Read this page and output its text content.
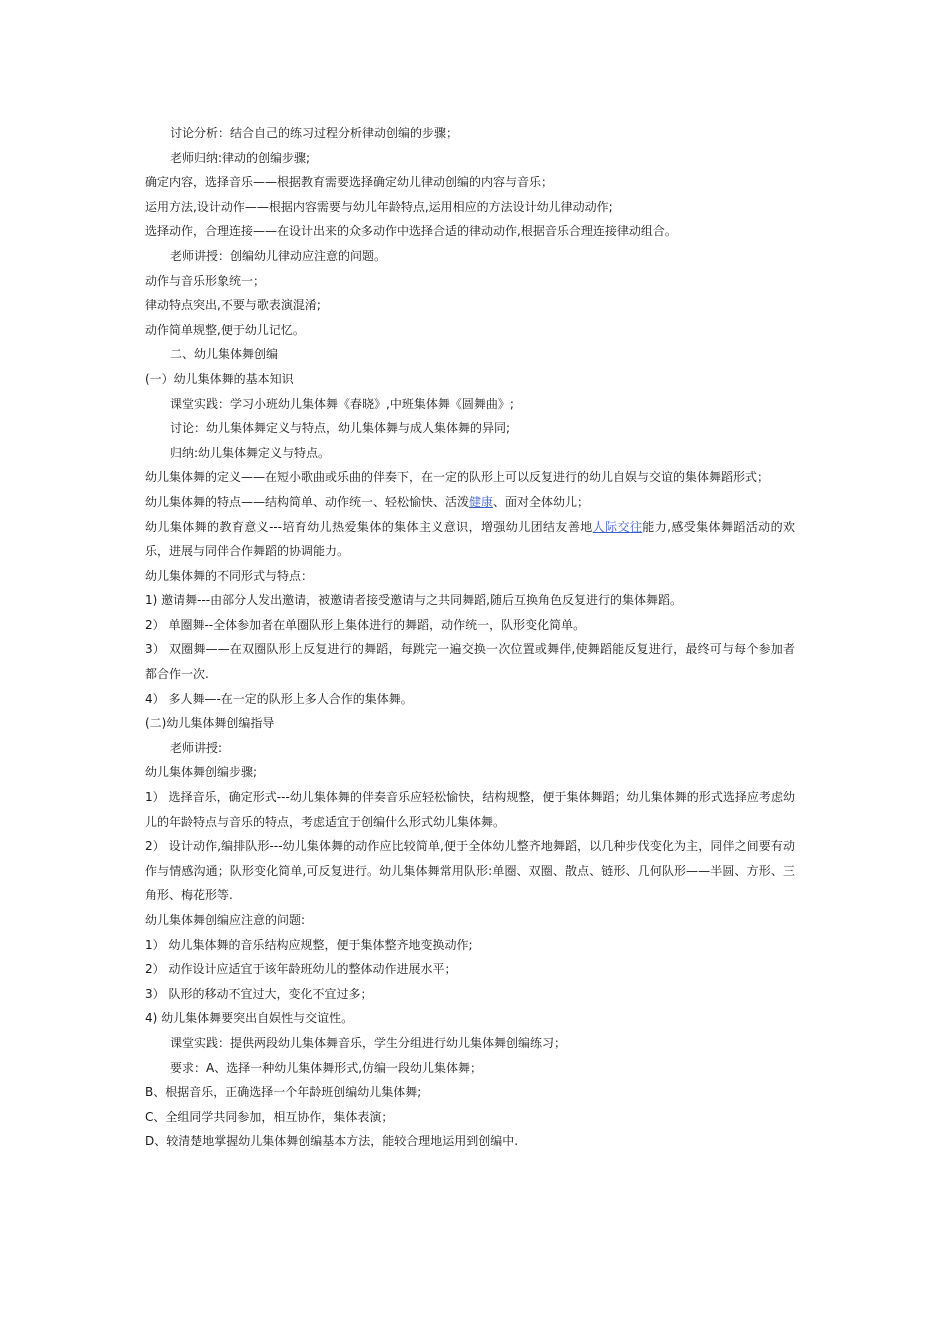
讨论分析：结合自己的练习过程分析律动创编的步骤；

老师归纳:律动的创编步骤;

确定内容，选择音乐——根据教育需要选择确定幼儿律动创编的内容与音乐；

运用方法,设计动作——根据内容需要与幼儿年龄特点,运用相应的方法设计幼儿律动动作;

选择动作，合理连接——在设计出来的众多动作中选择合适的律动动作,根据音乐合理连接律动组合。

老师讲授：创编幼儿律动应注意的问题。

动作与音乐形象统一；

律动特点突出,不要与歌表演混淆;

动作简单规整,便于幼儿记忆。

二、幼儿集体舞创编

(一）幼儿集体舞的基本知识

课堂实践：学习小班幼儿集体舞《春晓》,中班集体舞《圆舞曲》;

讨论：幼儿集体舞定义与特点，幼儿集体舞与成人集体舞的异同;

归纳:幼儿集体舞定义与特点。

幼儿集体舞的定义——在短小歌曲或乐曲的伴奏下，在一定的队形上可以反复进行的幼儿自娱与交谊的集体舞蹈形式；

幼儿集体舞的特点——结构简单、动作统一、轻松愉快、活泼健康、面对全体幼儿；

幼儿集体舞的教育意义---培育幼儿热爱集体的集体主义意识，增强幼儿团结友善地人际交往能力,感受集体舞蹈活动的欢乐，进展与同伴合作舞蹈的协调能力。

幼儿集体舞的不同形式与特点：

1) 邀请舞---由部分人发出邀请，被邀请者接受邀请与之共同舞蹈,随后互换角色反复进行的集体舞蹈。

2） 单圈舞--全体参加者在单圈队形上集体进行的舞蹈，动作统一，队形变化简单。

3） 双圈舞——在双圈队形上反复进行的舞蹈，每跳完一遍交换一次位置或舞伴,使舞蹈能反复进行，最终可与每个参加者都合作一次.

4） 多人舞—-在一定的队形上多人合作的集体舞。

(二)幼儿集体舞创编指导

老师讲授:

幼儿集体舞创编步骤;

1） 选择音乐，确定形式---幼儿集体舞的伴奏音乐应轻松愉快，结构规整，便于集体舞蹈；幼儿集体舞的形式选择应考虑幼儿的年龄特点与音乐的特点，考虑适宜于创编什么形式幼儿集体舞。

2） 设计动作,编排队形---幼儿集体舞的动作应比较简单,便于全体幼儿整齐地舞蹈，以几种步伐变化为主，同伴之间要有动作与情感沟通；队形变化简单,可反复进行。幼儿集体舞常用队形:单圈、双圈、散点、链形、几何队形——半圆、方形、三角形、梅花形等.

幼儿集体舞创编应注意的问题:

1） 幼儿集体舞的音乐结构应规整，便于集体整齐地变换动作;

2） 动作设计应适宜于该年龄班幼儿的整体动作进展水平；

3） 队形的移动不宜过大，变化不宜过多；

4) 幼儿集体舞要突出自娱性与交谊性。

课堂实践：提供两段幼儿集体舞音乐，学生分组进行幼儿集体舞创编练习；

要求：A、选择一种幼儿集体舞形式,仿编一段幼儿集体舞；

B、根据音乐，正确选择一个年龄班创编幼儿集体舞;

C、全组同学共同参加，相互协作，集体表演；

D、较清楚地掌握幼儿集体舞创编基本方法，能较合理地运用到创编中.
